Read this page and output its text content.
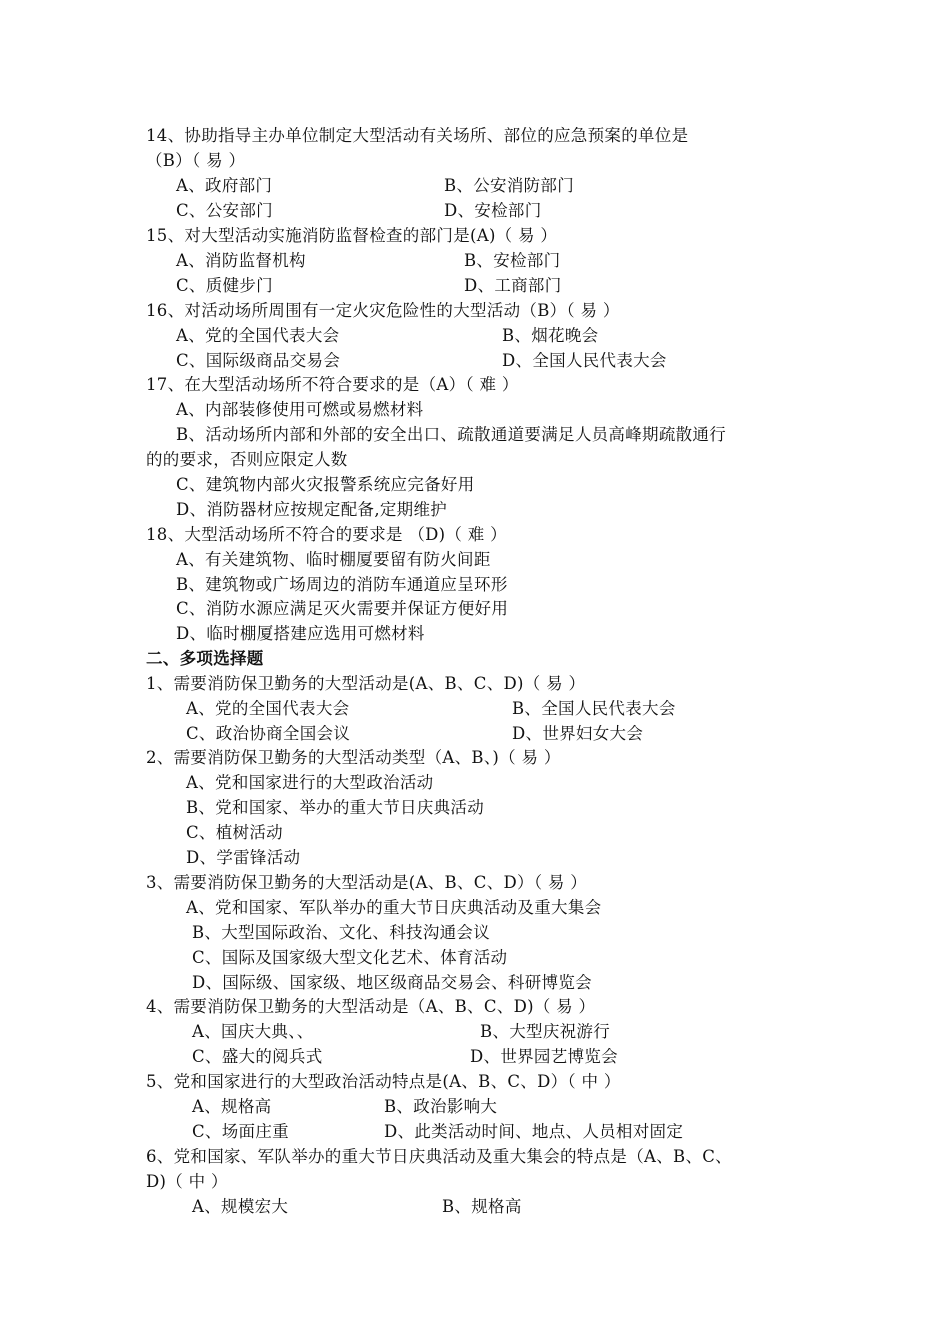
14、协助指导主办单位制定大型活动有关场所、部位的应急预案的单位是
（B）（ 易 ）
A、政府部门	B、公安消防部门
C、公安部门	D、安检部门
15、对大型活动实施消防监督检查的部门是(A)（ 易 ）
A、消防监督机构	B、安检部门
C、质健步门	D、工商部门
16、对活动场所周围有一定火灾危险性的大型活动（B）（ 易 ）
A、党的全国代表大会	B、烟花晚会
C、国际级商品交易会	D、全国人民代表大会
17、在大型活动场所不符合要求的是（A）（ 难 ）
A、内部装修使用可燃或易燃材料
B、活动场所内部和外部的安全出口、疏散通道要满足人员高峰期疏散通行
的的要求，否则应限定人数
C、建筑物内部火灾报警系统应完备好用
D、消防器材应按规定配备,定期维护
18、大型活动场所不符合的要求是 （D)（ 难 ）
A、有关建筑物、临时棚厦要留有防火间距
B、建筑物或广场周边的消防车通道应呈环形
C、消防水源应满足灭火需要并保证方便好用
D、临时棚厦搭建应选用可燃材料
二、多项选择题
1、需要消防保卫勤务的大型活动是(A、B、C、D)（ 易 ）
A、党的全国代表大会	B、全国人民代表大会
C、政治协商全国会议	D、世界妇女大会
2、需要消防保卫勤务的大型活动类型（A、B、)（ 易 ）
A、党和国家进行的大型政治活动
B、党和国家、举办的重大节日庆典活动
C、植树活动
D、学雷锋活动
3、需要消防保卫勤务的大型活动是(A、B、C、D）（ 易 ）
A、党和国家、军队举办的重大节日庆典活动及重大集会
B、大型国际政治、文化、科技沟通会议
C、国际及国家级大型文化艺术、体育活动
D、国际级、国家级、地区级商品交易会、科研博览会
4、需要消防保卫勤务的大型活动是（A、B、C、D)（ 易 ）
A、国庆大典、、	B、大型庆祝游行
C、盛大的阅兵式	D、世界园艺博览会
5、党和国家进行的大型政治活动特点是(A、B、C、D）（ 中 ）
A、规格高	B、政治影响大
C、场面庄重	D、此类活动时间、地点、人员相对固定
6、党和国家、军队举办的重大节日庆典活动及重大集会的特点是（A、B、C、
D)（ 中 ）
A、规模宏大	B、规格高
